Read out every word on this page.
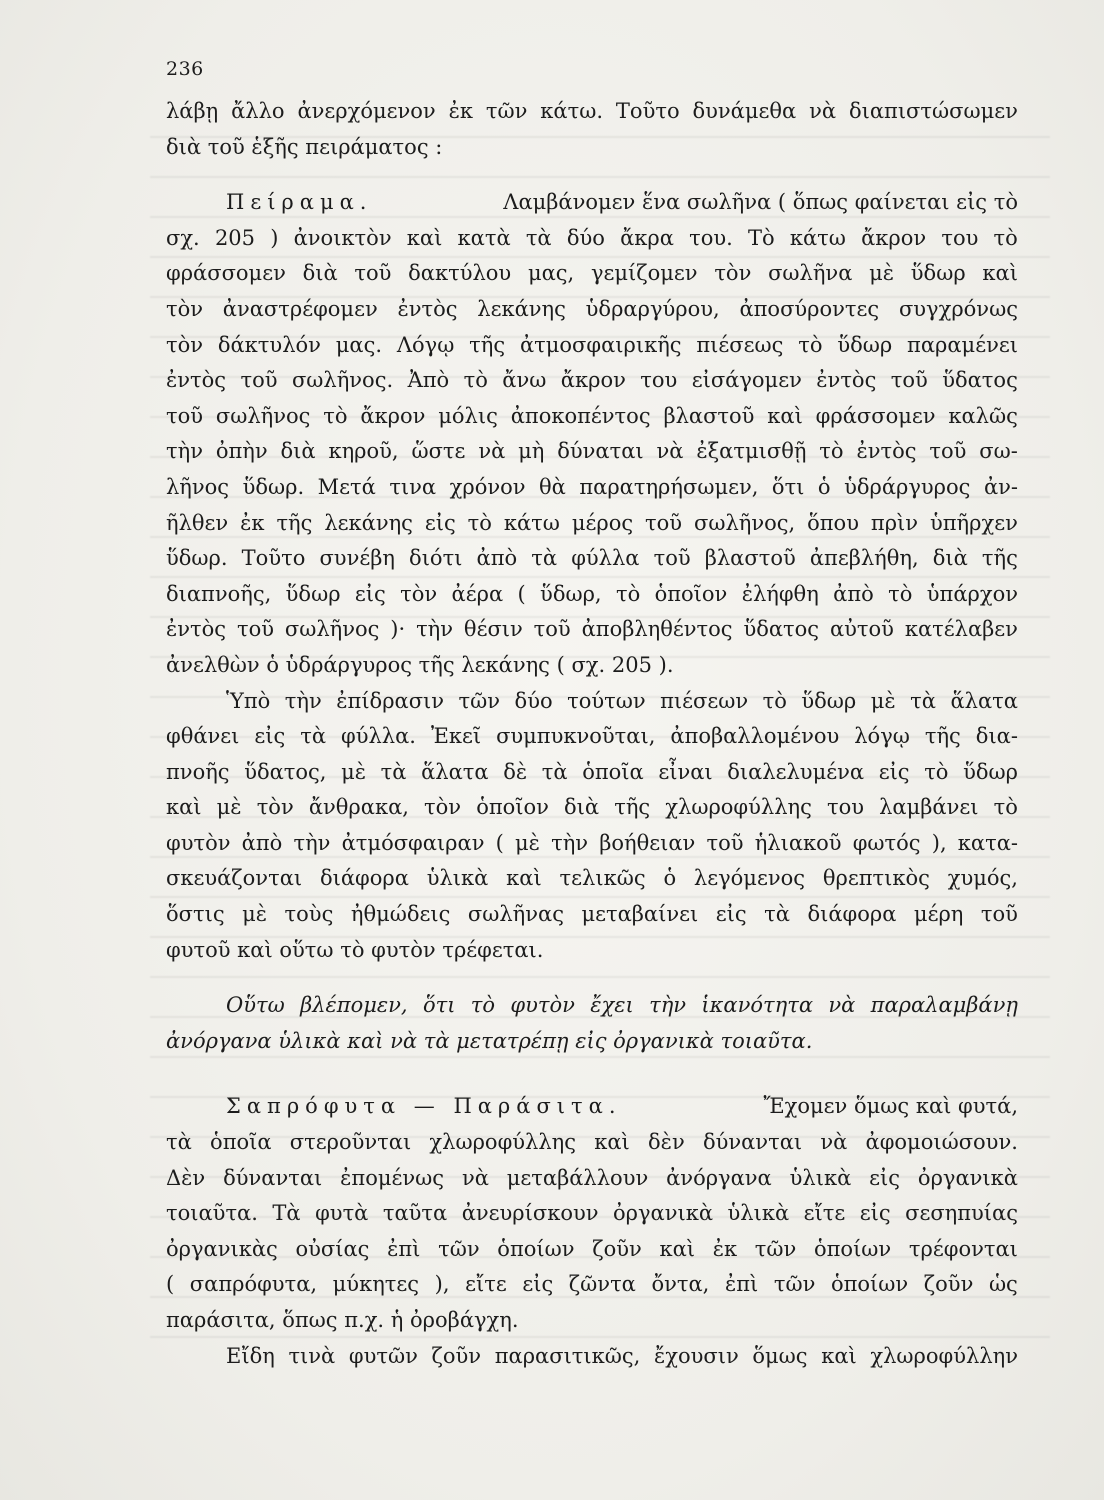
236
λάβῃ ἄλλο ἀνερχόμενον ἐκ τῶν κάτω. Τοῦτο δυνάμεθα νὰ διαπιστώσωμεν
διὰ τοῦ ἑξῆς πειράματος :
Πείραμα.	Λαμβάνομεν ἕνα σωλῆνα ( ὅπως φαίνεται εἰς τὸ
σχ. 205 ) ἀνοικτὸν καὶ κατὰ τὰ δύο ἄκρα του. Τὸ κάτω ἄκρον του τὸ
φράσσομεν διὰ τοῦ δακτύλου μας, γεμίζομεν τὸν σωλῆνα μὲ ὕδωρ καὶ
τὸν ἀναστρέφομεν ἐντὸς λεκάνης ὑδραργύρου, ἀποσύροντες συγχρόνως
τὸν δάκτυλόν μας. Λόγῳ τῆς ἀτμοσφαιρικῆς πιέσεως τὸ ὕδωρ παραμένει
ἐντὸς τοῦ σωλῆνος. Ἀπὸ τὸ ἄνω ἄκρον του εἰσάγομεν ἐντὸς τοῦ ὕδατος
τοῦ σωλῆνος τὸ ἄκρον μόλις ἀποκοπέντος βλαστοῦ καὶ φράσσομεν καλῶς
τὴν ὀπὴν διὰ κηροῦ, ὥστε νὰ μὴ δύναται νὰ ἐξατμισθῇ τὸ ἐντὸς τοῦ σω-
λῆνος ὕδωρ. Μετά τινα χρόνον θὰ παρατηρήσωμεν, ὅτι ὁ ὑδράργυρος ἀν-
ῆλθεν ἐκ τῆς λεκάνης εἰς τὸ κάτω μέρος τοῦ σωλῆνος, ὅπου πρὶν ὑπῆρχεν
ὕδωρ. Τοῦτο συνέβη διότι ἀπὸ τὰ φύλλα τοῦ βλαστοῦ ἀπεβλήθη, διὰ τῆς
διαπνοῆς, ὕδωρ εἰς τὸν ἀέρα ( ὕδωρ, τὸ ὁποῖον ἐλήφθη ἀπὸ τὸ ὑπάρχον
ἐντὸς τοῦ σωλῆνος )· τὴν θέσιν τοῦ ἀποβληθέντος ὕδατος αὐτοῦ κατέλαβεν
ἀνελθὼν ὁ ὑδράργυρος τῆς λεκάνης ( σχ. 205 ).
Ὑπὸ τὴν ἐπίδρασιν τῶν δύο τούτων πιέσεων τὸ ὕδωρ μὲ τὰ ἅλατα
φθάνει εἰς τὰ φύλλα. Ἐκεῖ συμπυκνοῦται, ἀποβαλλομένου λόγῳ τῆς δια-
πνοῆς ὕδατος, μὲ τὰ ἅλατα δὲ τὰ ὁποῖα εἶναι διαλελυμένα εἰς τὸ ὕδωρ
καὶ μὲ τὸν ἄνθρακα, τὸν ὁποῖον διὰ τῆς χλωροφύλλης του λαμβάνει τὸ
φυτὸν ἀπὸ τὴν ἀτμόσφαιραν ( μὲ τὴν βοήθειαν τοῦ ἡλιακοῦ φωτός ), κατα-
σκευάζονται διάφορα ὑλικὰ καὶ τελικῶς ὁ λεγόμενος θρεπτικὸς χυμός,
ὅστις μὲ τοὺς ἠθμώδεις σωλῆνας μεταβαίνει εἰς τὰ διάφορα μέρη τοῦ
φυτοῦ καὶ οὕτω τὸ φυτὸν τρέφεται.
Οὕτω βλέπομεν, ὅτι τὸ φυτὸν ἔχει τὴν ἱκανότητα νὰ παραλαμβάνῃ
ἀνόργανα ὑλικὰ καὶ νὰ τὰ μετατρέπῃ εἰς ὀργανικὰ τοιαῦτα.
Σαπρόφυτα — Παράσιτα.	Ἔχομεν ὅμως καὶ φυτά,
τὰ ὁποῖα στεροῦνται χλωροφύλλης καὶ δὲν δύνανται νὰ ἀφομοιώσουν.
Δὲν δύνανται ἐπομένως νὰ μεταβάλλουν ἀνόργανα ὑλικὰ εἰς ὀργανικὰ
τοιαῦτα. Τὰ φυτὰ ταῦτα ἀνευρίσκουν ὀργανικὰ ὑλικὰ εἴτε εἰς σεσηπυίας
ὀργανικὰς οὐσίας ἐπὶ τῶν ὁποίων ζοῦν καὶ ἐκ τῶν ὁποίων τρέφονται
( σαπρόφυτα, μύκητες ), εἴτε εἰς ζῶντα ὄντα, ἐπὶ τῶν ὁποίων ζοῦν ὡς
παράσιτα, ὅπως π.χ. ἡ ὀροβάγχη.
Εἴδη τινὰ φυτῶν ζοῦν παρασιτικῶς, ἔχουσιν ὅμως καὶ χλωροφύλλην
